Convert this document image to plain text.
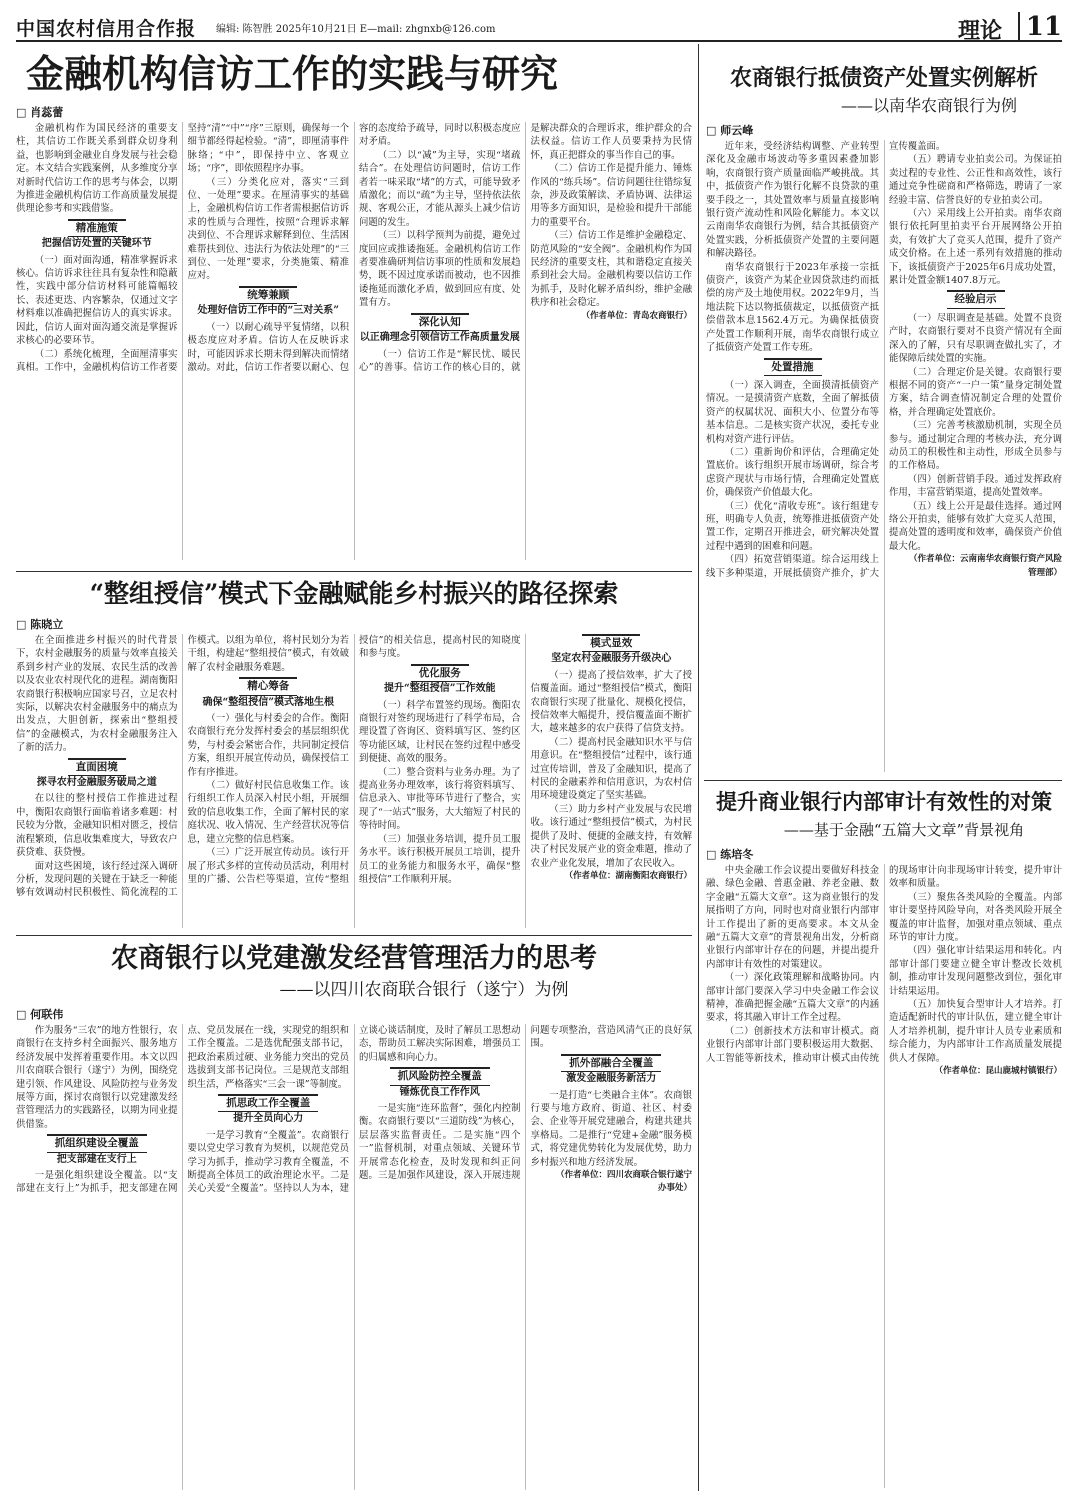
中国农村信用合作报 编辑: 陈智胜 2025年10月21日 E—mail: zhgnxb@126.com	理论 11
金融机构信访工作的实践与研究
□ 肖蕊蕾

金融机构作为国民经济的重要支柱，其信访工作既关系到群众切身利益，也影响到金融业自身发展与社会稳定。本文结合实践案例，从多维度分享对新时代信访工作的思考与体会，以期为推进金融机构信访工作高质量发展提供理论参考和实践借鉴。

精准施策
把握信访处置的关键环节

（一）面对面沟通，精准掌握诉求核心。信访诉求往往具有复杂性和隐蔽性，实践中部分信访材料可能篇幅较长、表述更迭、内容繁杂，仅通过文字材料难以准确把握信访人的真实诉求。因此，信访人面对面沟通交流是掌握诉求核心的必要环节。

（二）系统化梳理，全面厘清事实真相。工作中，金融机构信访工作者要坚持“清”“中”“序”三原则，确保每一个细节都经得起检验。“清”，即厘清事件脉络；“中”，即保持中立、客观立场；“序”，即依照程序办事。

（三）分类化应对，落实“三到位、一处理”要求。在厘清事实的基础上，金融机构信访工作者需根据信访诉求的性质与合理性，按照“合理诉求解决到位、不合理诉求解释到位、生活困难帮扶到位、违法行为依法处理”的“三到位、一处理”要求，分类施策、精准应对。

统筹兼顾
处理好信访工作中的“三对关系”

（一）以耐心疏导平复情绪，以积极态度应对矛盾。信访人在反映诉求时，可能因诉求长期未得到解决而情绪激动。对此，信访工作者要以耐心、包容的态度给予疏导，同时以积极态度应对矛盾。

（二）以“减”为主导，实现“堵疏结合”。在处理信访问题时，信访工作者若一味采取“堵”的方式，可能导致矛盾激化；而以“疏”为主导，坚持依法依规、客观公正，才能从源头上减少信访问题的发生。

（三）以科学预判为前提，避免过度回应或推诿拖延。金融机构信访工作者要准确研判信访事项的性质和发展趋势，既不因过度承诺而被动，也不因推诿拖延而激化矛盾，做到回应有度、处置有方。

深化认知
以正确理念引领信访工作高质量发展

（一）信访工作是“解民忧、暖民心”的善事。信访工作的核心目的，就是解决群众的合理诉求，维护群众的合法权益。信访工作人员要秉持为民情怀，真正把群众的事当作自己的事。

（二）信访工作是提升能力、锤炼作风的“练兵场”。信访问题往往错综复杂，涉及政策解读、矛盾协调、法律运用等多方面知识，是检验和提升干部能力的重要平台。

（三）信访工作是维护金融稳定、防范风险的“安全阀”。金融机构作为国民经济的重要支柱，其和谐稳定直接关系到社会大局。金融机构要以信访工作为抓手，及时化解矛盾纠纷，维护金融秩序和社会稳定。

（ 作者单位：青岛农商银行 ）

“整组授信”模式下金融赋能乡村振兴的路径探索
□ 陈晓立

在全面推进乡村振兴的时代背景下，农村金融服务的质量与效率直接关系到乡村产业的发展、农民生活的改善以及农业农村现代化的进程。湖南衡阳农商银行积极响应国家号召，立足农村实际，以解决农村金融服务中的痛点为出发点，大胆创新，探索出“整组授信”的金融模式，为农村金融服务注入了新的活力。

直面困境
探寻农村金融服务破局之道

在以往的整村授信工作推进过程中，衡阳农商银行面临着诸多难题：村民较为分散，金融知识相对匮乏，授信流程繁琐，信息收集难度大，导致农户获贷难、获贷慢。

面对这些困境，该行经过深入调研分析，发现问题的关键在于缺乏一种能够有效调动村民积极性、简化流程的工作模式。以组为单位，将村民划分为若干组，构建起“整组授信”模式，有效破解了农村金融服务难题。

精心筹备
确保“整组授信”模式落地生根

（一）强化与村委会的合作。衡阳农商银行充分发挥村委会的基层组织优势，与村委会紧密合作，共同制定授信方案，组织开展宣传动员，确保授信工作有序推进。

（二）做好村民信息收集工作。该行组织工作人员深入村民小组，开展细致的信息收集工作，全面了解村民的家庭状况、收入情况、生产经营状况等信息，建立完整的信息档案。

（三）广泛开展宣传动员。该行开展了形式多样的宣传动员活动，利用村里的广播、公告栏等渠道，宣传“整组授信”的相关信息，提高村民的知晓度和参与度。

优化服务
提升“整组授信”工作效能

（一）科学布置签约现场。衡阳农商银行对签约现场进行了科学布局，合理设置了咨询区、资料填写区、签约区等功能区域，让村民在签约过程中感受到便捷、高效的服务。

（二）整合资料与业务办理。为了提高业务办理效率，该行将资料填写、信息录入、审批等环节进行了整合，实现了“一站式”服务，大大缩短了村民的等待时间。

（三）加强业务培训，提升员工服务水平。该行积极开展员工培训，提升员工的业务能力和服务水平，确保“整组授信”工作顺利开展。

模式显效
坚定农村金融服务升级决心

（一）提高了授信效率，扩大了授信覆盖面。通过“整组授信”模式，衡阳农商银行实现了批量化、规模化授信，授信效率大幅提升，授信覆盖面不断扩大，越来越多的农户获得了信贷支持。

（二）提高村民金融知识水平与信用意识。在“整组授信”过程中，该行通过宣传培训，普及了金融知识，提高了村民的金融素养和信用意识，为农村信用环境建设奠定了坚实基础。

（三）助力乡村产业发展与农民增收。该行通过“整组授信”模式，为村民提供了及时、便捷的金融支持，有效解决了村民发展产业的资金难题，推动了农业产业化发展，增加了农民收入。

（ 作者单位：湖南衡阳农商银行 ）

农商银行以党建激发经营管理活力的思考
——以四川农商联合银行（遂宁）为例
□ 何联伟

作为服务“三农”的地方性银行，农商银行在支持乡村全面振兴、服务地方经济发展中发挥着重要作用。本文以四川农商联合银行（遂宁）为例，围绕党建引领、作风建设、风险防控与业务发展等方面，探讨农商银行以党建激发经营管理活力的实践路径，以期为同业提供借鉴。

抓组织建设全覆盖
把支部建在支行上

一是强化组织建设全覆盖。以“支部建在支行上”为抓手，把支部建在网点、党员发展在一线，实现党的组织和工作全覆盖。二是选优配强支部书记，把政治素质过硬、业务能力突出的党员选拔到支部书记岗位。三是规范支部组织生活，严格落实“三会一课”等制度。

抓思政工作全覆盖
提升全员向心力

一是学习教育“全覆盖”。农商银行要以党史学习教育为契机，以规范党员学习为抓手，推动学习教育全覆盖，不断提高全体员工的政治理论水平。二是关心关爱“全覆盖”。坚持以人为本，建立谈心谈话制度，及时了解员工思想动态，帮助员工解决实际困难，增强员工的归属感和向心力。

抓风险防控全覆盖
锤炼优良工作作风

一是实施“连环监督”，强化内控制衡。农商银行要以“三道防线”为核心，层层落实监督责任。二是实施“四个一”监督机制，对重点领域、关键环节开展常态化检查，及时发现和纠正问题。三是加强作风建设，深入开展违规问题专项整治，营造风清气正的良好氛围。

抓外部融合全覆盖
激发金融服务新活力

一是打造“七类融合主体”。农商银行要与地方政府、街道、社区、村委会、企业等开展党建融合，构建共建共享格局。二是推行“党建+金融”服务模式，将党建优势转化为发展优势，助力乡村振兴和地方经济发展。

（ 作者单位：四川农商联合银行遂宁办事处 ）

农商银行抵债资产处置实例解析
——以南华农商银行为例
□ 师云峰

近年来，受经济结构调整、产业转型深化及金融市场波动等多重因素叠加影响，农商银行资产质量面临严峻挑战。其中，抵债资产作为银行化解不良贷款的重要手段之一，其处置效率与质量直接影响银行资产流动性和风险化解能力。本文以云南南华农商银行为例，结合其抵债资产处置实践，分析抵债资产处置的主要问题和解决路径。

南华农商银行于2023年承接一宗抵债资产，该资产为某企业因贷款违约而抵偿的房产及土地使用权。2022年9月，当地法院下达以物抵债裁定，以抵债资产抵偿借款本息1562.4万元。为确保抵债资产处置工作顺利开展，南华农商银行成立了抵债资产处置工作专班。

处置措施

（一）深入调查，全面摸清抵债资产情况。一是摸清资产底数，全面了解抵债资产的权属状况、面积大小、位置分布等基本信息。二是核实资产状况，委托专业机构对资产进行评估。

（二）重新询价和评估，合理确定处置底价。该行组织开展市场调研，综合考虑资产现状与市场行情，合理确定处置底价，确保资产价值最大化。

（三）优化“清收专班”。该行组建专班，明确专人负责，统筹推进抵债资产处置工作，定期召开推进会，研究解决处置过程中遇到的困难和问题。

（四）拓宽营销渠道。综合运用线上线下多种渠道，开展抵债资产推介，扩大宣传覆盖面。

（五）聘请专业拍卖公司。为保证拍卖过程的专业性、公正性和高效性，该行通过竞争性磋商和严格筛选，聘请了一家经验丰富、信誉良好的专业拍卖公司。

（六）采用线上公开拍卖。南华农商银行依托阿里拍卖平台开展网络公开拍卖，有效扩大了竞买人范围，提升了资产成交价格。在上述一系列有效措施的推动下，该抵债资产于2025年6月成功处置，累计处置金额1407.8万元。

经验启示

（一）尽职调查是基础。处置不良资产时，农商银行要对不良资产情况有全面深入的了解，只有尽职调查做扎实了，才能保障后续处置的实施。

（二）合理定价是关键。农商银行要根据不同的资产“一户一策”量身定制处置方案，结合调查情况制定合理的处置价格，并合理确定处置底价。

（三）完善考核激励机制，实现全员参与。通过制定合理的考核办法，充分调动员工的积极性和主动性，形成全员参与的工作格局。

（四）创新营销手段。通过发挥政府作用，丰富营销渠道，提高处置效率。

（五）线上公开是最佳选择。通过网络公开拍卖，能够有效扩大竞买人范围，提高处置的透明度和效率，确保资产价值最大化。

（ 作者单位：云南南华农商银行资产风险管理部 ）

提升商业银行内部审计有效性的对策
——基于金融“五篇大文章”背景视角
□ 练培冬

中央金融工作会议提出要做好科技金融、绿色金融、普惠金融、养老金融、数字金融“五篇大文章”。这为商业银行的发展指明了方向，同时也对商业银行内部审计工作提出了新的更高要求。本文从金融“五篇大文章”的背景视角出发，分析商业银行内部审计存在的问题，并提出提升内部审计有效性的对策建议。

（一）深化政策理解和战略协同。内部审计部门要深入学习中央金融工作会议精神，准确把握金融“五篇大文章”的内涵要求，将其融入审计工作全过程。

（二）创新技术方法和审计模式。商业银行内部审计部门要积极运用大数据、人工智能等新技术，推动审计模式由传统的现场审计向非现场审计转变，提升审计效率和质量。

（三）聚焦各类风险的全覆盖。内部审计要坚持风险导向，对各类风险开展全覆盖的审计监督，加强对重点领域、重点环节的审计力度。

（四）强化审计结果运用和转化。内部审计部门要建立健全审计整改长效机制，推动审计发现问题整改到位，强化审计结果运用。

（五）加快复合型审计人才培养。打造适配新时代的审计队伍，建立健全审计人才培养机制，提升审计人员专业素质和综合能力，为内部审计工作高质量发展提供人才保障。

（ 作者单位：昆山鹿城村镇银行 ）
